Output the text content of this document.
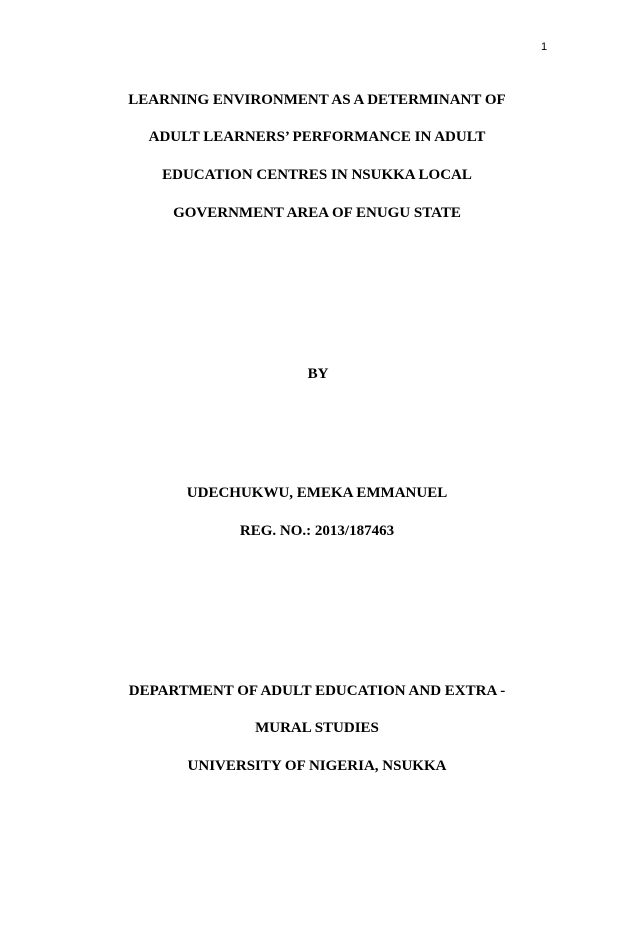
1
LEARNING ENVIRONMENT AS A DETERMINANT OF
ADULT LEARNERS’ PERFORMANCE IN ADULT
EDUCATION CENTRES IN NSUKKA LOCAL
GOVERNMENT AREA OF ENUGU STATE
BY
UDECHUKWU, EMEKA EMMANUEL
REG. NO.: 2013/187463
DEPARTMENT OF ADULT EDUCATION AND EXTRA -
MURAL STUDIES
UNIVERSITY OF NIGERIA, NSUKKA
